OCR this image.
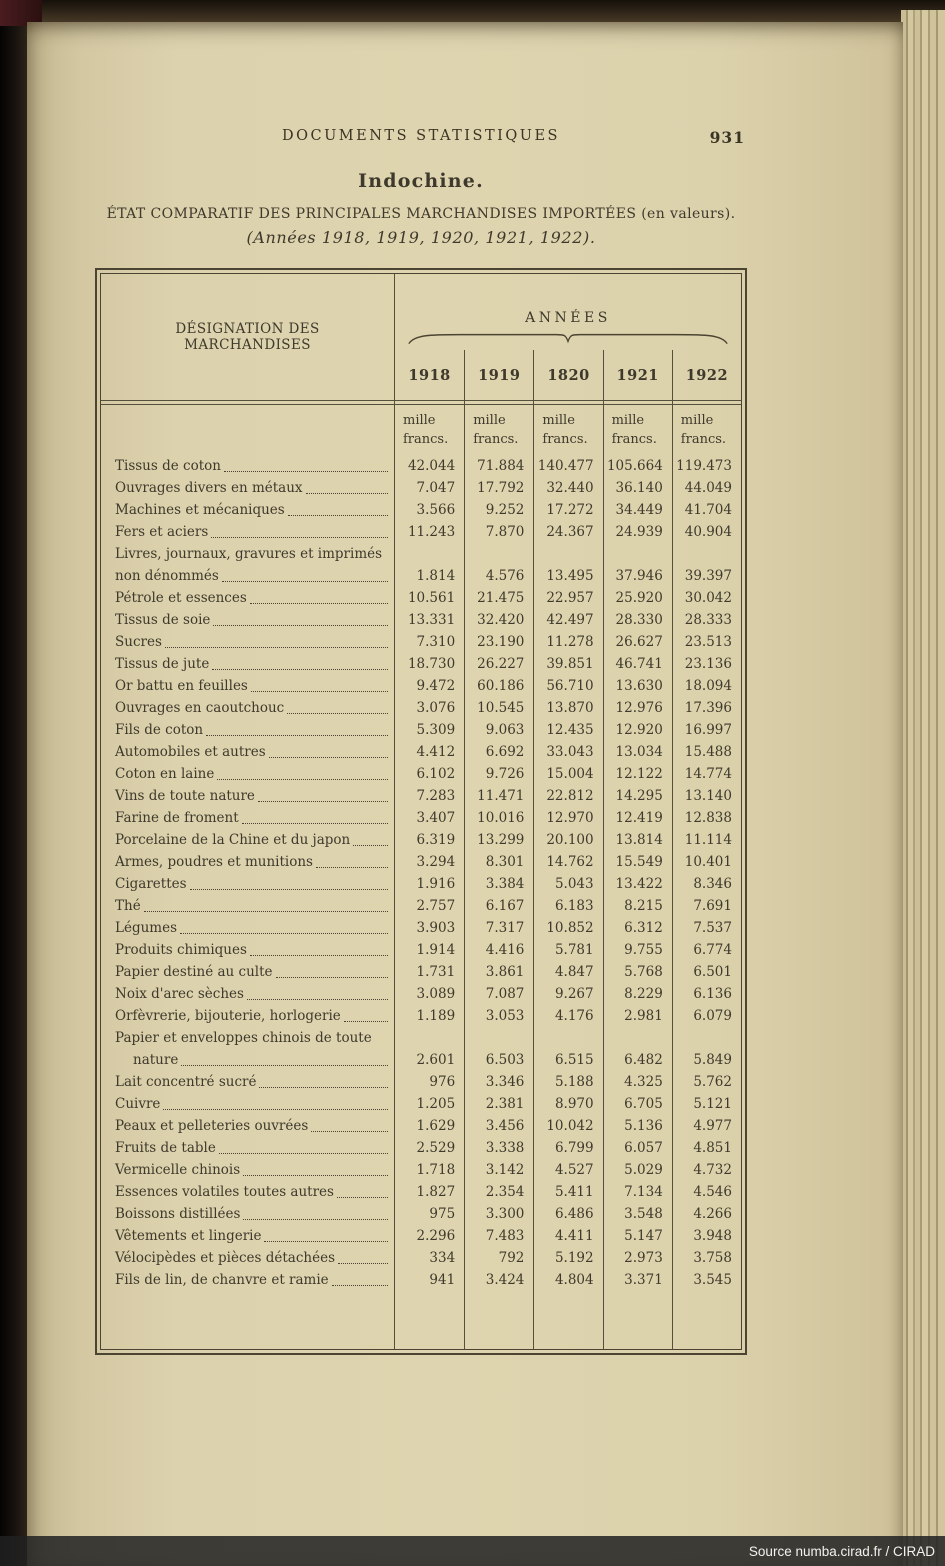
DOCUMENTS STATISTIQUES	931
Indochine.
ÉTAT COMPARATIF DES PRINCIPALES MARCHANDISES IMPORTÉES (en valeurs).
(Années 1918, 1919, 1920, 1921, 1922).
DÉSIGNATION DES MARCHANDISES
ANNÉES
1918	1919	1820	1921	1922
mille
francs.
mille
francs.
mille
francs.
mille
francs.
mille
francs.
Tissus de coton	42.044 71.884 140.477 105.664 119.473
Ouvrages divers en métaux	7.047 17.792 32.440 36.140 44.049
Machines et mécaniques	3.566 9.252 17.272 34.449 41.704
Fers et aciers	11.243 7.870 24.367 24.939 40.904
Livres, journaux, gravures et imprimés
non dénommés	1.814 4.576 13.495 37.946 39.397
Pétrole et essences	10.561 21.475 22.957 25.920 30.042
Tissus de soie	13.331 32.420 42.497 28.330 28.333
Sucres	7.310 23.190 11.278 26.627 23.513
Tissus de jute	18.730 26.227 39.851 46.741 23.136
Or battu en feuilles	9.472 60.186 56.710 13.630 18.094
Ouvrages en caoutchouc	3.076 10.545 13.870 12.976 17.396
Fils de coton	5.309 9.063 12.435 12.920 16.997
Automobiles et autres	4.412 6.692 33.043 13.034 15.488
Coton en laine	6.102 9.726 15.004 12.122 14.774
Vins de toute nature	7.283 11.471 22.812 14.295 13.140
Farine de froment	3.407 10.016 12.970 12.419 12.838
Porcelaine de la Chine et du japon	6.319 13.299 20.100 13.814 11.114
Armes, poudres et munitions	3.294 8.301 14.762 15.549 10.401
Cigarettes	1.916 3.384 5.043 13.422 8.346
Thé	2.757 6.167 6.183 8.215 7.691
Légumes	3.903 7.317 10.852 6.312 7.537
Produits chimiques	1.914 4.416 5.781 9.755 6.774
Papier destiné au culte	1.731 3.861 4.847 5.768 6.501
Noix d'arec sèches	3.089 7.087 9.267 8.229 6.136
Orfèvrerie, bijouterie, horlogerie	1.189 3.053 4.176 2.981 6.079
Papier et enveloppes chinois de toute
nature	2.601 6.503 6.515 6.482 5.849
Lait concentré sucré	976 3.346 5.188 4.325 5.762
Cuivre	1.205 2.381 8.970 6.705 5.121
Peaux et pelleteries ouvrées	1.629 3.456 10.042 5.136 4.977
Fruits de table	2.529 3.338 6.799 6.057 4.851
Vermicelle chinois	1.718 3.142 4.527 5.029 4.732
Essences volatiles toutes autres	1.827 2.354 5.411 7.134 4.546
Boissons distillées	975 3.300 6.486 3.548 4.266
Vêtements et lingerie	2.296 7.483 4.411 5.147 3.948
Vélocipèdes et pièces détachées	334	792 5.192 2.973 3.758
Fils de lin, de chanvre et ramie	941 3.424 4.804 3.371 3.545
Source numba.cirad.fr / CIRAD
